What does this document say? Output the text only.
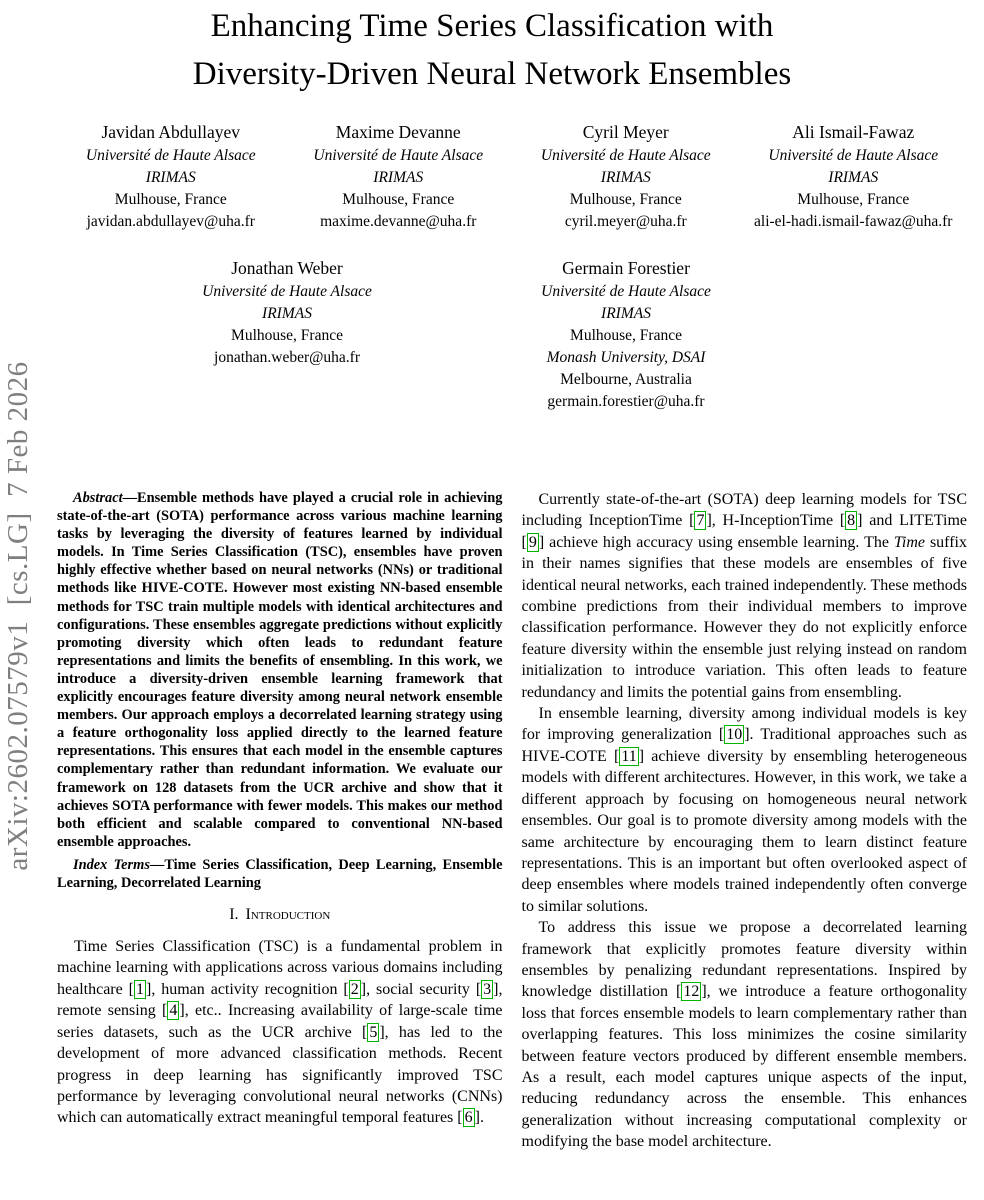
arXiv:2602.07579v1  [cs.LG]  7 Feb 2026
Enhancing Time Series Classification with
Diversity-Driven Neural Network Ensembles
Javidan Abdullayev
Université de Haute Alsace
IRIMAS
Mulhouse, France
javidan.abdullayev@uha.fr
Maxime Devanne
Université de Haute Alsace
IRIMAS
Mulhouse, France
maxime.devanne@uha.fr
Cyril Meyer
Université de Haute Alsace
IRIMAS
Mulhouse, France
cyril.meyer@uha.fr
Ali Ismail-Fawaz
Université de Haute Alsace
IRIMAS
Mulhouse, France
ali-el-hadi.ismail-fawaz@uha.fr
Jonathan Weber
Université de Haute Alsace
IRIMAS
Mulhouse, France
jonathan.weber@uha.fr
Germain Forestier
Université de Haute Alsace
IRIMAS
Mulhouse, France
Monash University, DSAI
Melbourne, Australia
germain.forestier@uha.fr

Abstract—Ensemble methods have played a crucial role in achieving state-of-the-art (SOTA) performance across various machine learning tasks by leveraging the diversity of features learned by individual models. In Time Series Classification (TSC), ensembles have proven highly effective whether based on neural networks (NNs) or traditional methods like HIVE-COTE. However most existing NN-based ensemble methods for TSC train multiple models with identical architectures and configurations. These ensembles aggregate predictions without explicitly promoting diversity which often leads to redundant feature representations and limits the benefits of ensembling. In this work, we introduce a diversity-driven ensemble learning framework that explicitly encourages feature diversity among neural network ensemble members. Our approach employs a decorrelated learning strategy using a feature orthogonality loss applied directly to the learned feature representations. This ensures that each model in the ensemble captures complementary rather than redundant information. We evaluate our framework on 128 datasets from the UCR archive and show that it achieves SOTA performance with fewer models. This makes our method both efficient and scalable compared to conventional NN-based ensemble approaches.

Index Terms—Time Series Classification, Deep Learning, Ensemble Learning, Decorrelated Learning

I. Introduction

Time Series Classification (TSC) is a fundamental problem in machine learning with applications across various domains including healthcare [ 1 ], human activity recognition [ 2 ], social security [ 3 ], remote sensing [ 4 ], etc.. Increasing availability of large-scale time series datasets, such as the UCR archive [ 5 ], has led to the development of more advanced classification methods. Recent progress in deep learning has significantly improved TSC performance by leveraging convolutional neural networks (CNNs) which can automatically extract meaningful temporal features [ 6 ].

Currently state-of-the-art (SOTA) deep learning models for TSC including InceptionTime [ 7 ], H-InceptionTime [ 8 ] and LITETime [ 9 ] achieve high accuracy using ensemble learning. The Time suffix in their names signifies that these models are ensembles of five identical neural networks, each trained independently. These methods combine predictions from their individual members to improve classification performance. However they do not explicitly enforce feature diversity within the ensemble just relying instead on random initialization to introduce variation. This often leads to feature redundancy and limits the potential gains from ensembling.

In ensemble learning, diversity among individual models is key for improving generalization [ 10 ]. Traditional approaches such as HIVE-COTE [ 11 ] achieve diversity by ensembling heterogeneous models with different architectures. However, in this work, we take a different approach by focusing on homogeneous neural network ensembles. Our goal is to promote diversity among models with the same architecture by encouraging them to learn distinct feature representations. This is an important but often overlooked aspect of deep ensembles where models trained independently often converge to similar solutions.

To address this issue we propose a decorrelated learning framework that explicitly promotes feature diversity within ensembles by penalizing redundant representations. Inspired by knowledge distillation [ 12 ], we introduce a feature orthogonality loss that forces ensemble models to learn complementary rather than overlapping features. This loss minimizes the cosine similarity between feature vectors produced by different ensemble members. As a result, each model captures unique aspects of the input, reducing redundancy across the ensemble. This enhances generalization without increasing computational complexity or modifying the base model architecture.
